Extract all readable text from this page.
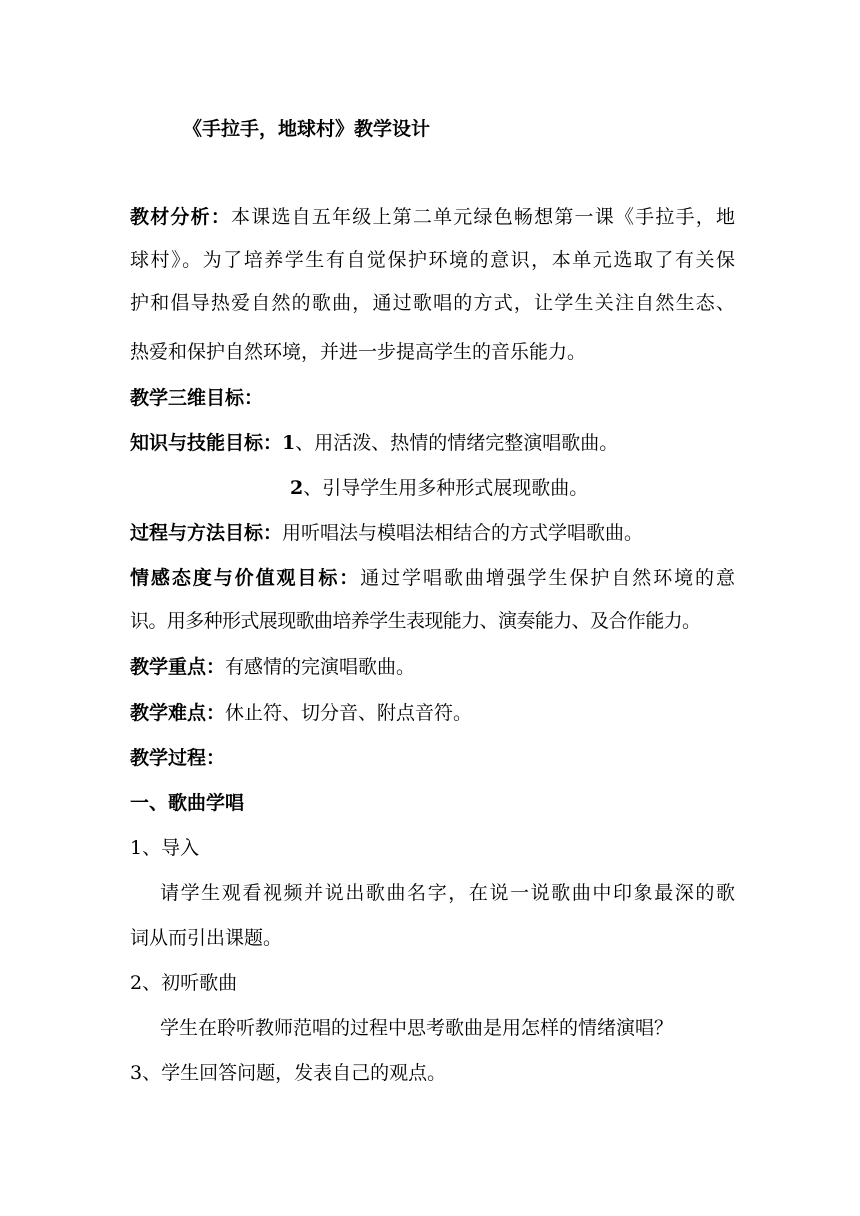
《手拉手，地球村》教学设计
教材分析：本课选自五年级上第二单元绿色畅想第一课《手拉手，地
球村》。为了培养学生有自觉保护环境的意识，本单元选取了有关保
护和倡导热爱自然的歌曲，通过歌唱的方式，让学生关注自然生态、
热爱和保护自然环境，并进一步提高学生的音乐能力。
教学三维目标：
知识与技能目标：1、用活泼、热情的情绪完整演唱歌曲。
2、引导学生用多种形式展现歌曲。
过程与方法目标：用听唱法与模唱法相结合的方式学唱歌曲。
情感态度与价值观目标：通过学唱歌曲增强学生保护自然环境的意
识。用多种形式展现歌曲培养学生表现能力、演奏能力、及合作能力。
教学重点：有感情的完演唱歌曲。
教学难点：休止符、切分音、附点音符。
教学过程：
一、歌曲学唱
1、导入
请学生观看视频并说出歌曲名字，在说一说歌曲中印象最深的歌
词从而引出课题。
2、初听歌曲
学生在聆听教师范唱的过程中思考歌曲是用怎样的情绪演唱？
3、学生回答问题，发表自己的观点。
